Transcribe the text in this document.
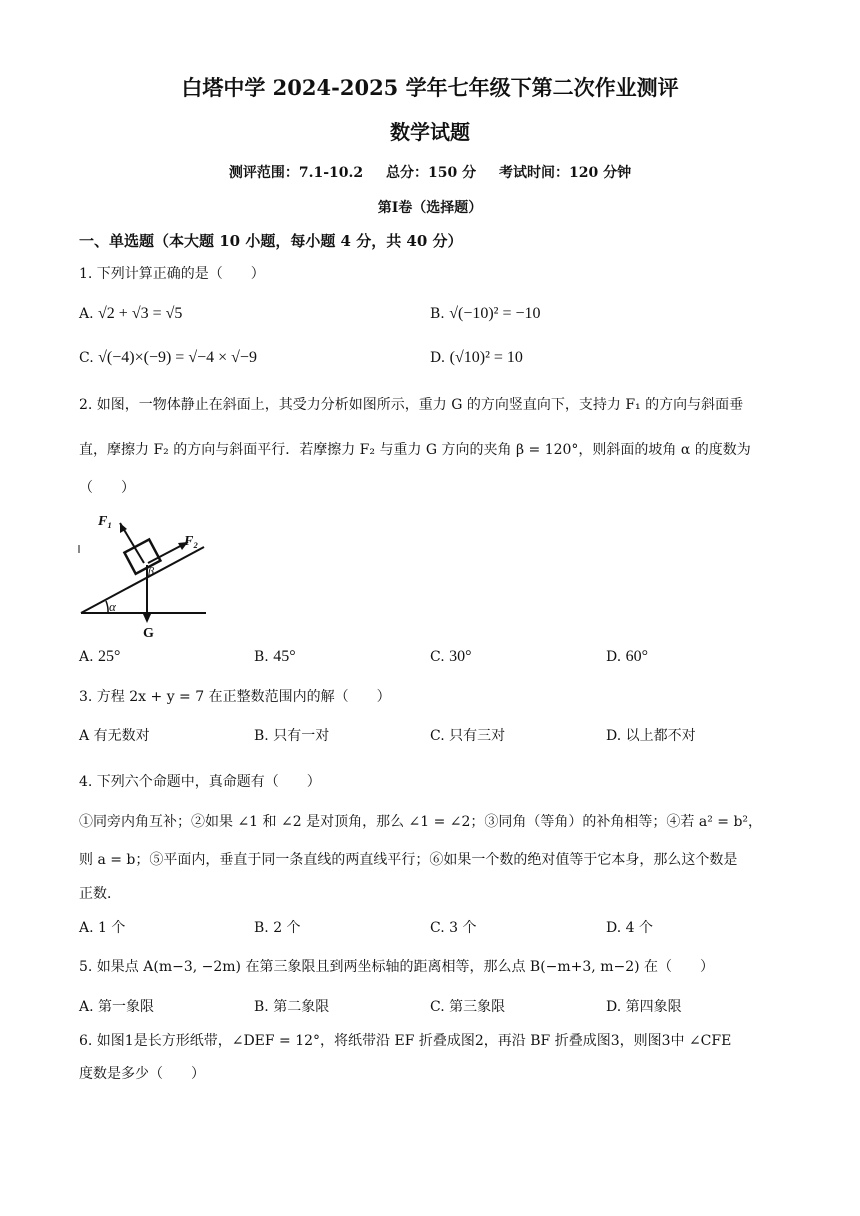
白塔中学 2024-2025 学年七年级下第二次作业测评
数学试题
测评范围：7.1-10.2 总分：150 分 考试时间：120 分钟
第Ⅰ卷（选择题）
一、单选题（本大题 10 小题，每小题 4 分，共 40 分）
1. 下列计算正确的是（　　）
A. √2 + √3 = √5	B. √(−10)² = −10
C. √(−4)×(−9) = √−4 × √−9	D. (√10)² = 10
2. 如图，一物体静止在斜面上，其受力分析如图所示，重力 G 的方向竖直向下，支持力 F₁ 的方向与斜面垂
直，摩擦力 F₂ 的方向与斜面平行．若摩擦力 F₂ 与重力 G 方向的夹角 β = 120°，则斜面的坡角 α 的度数为
（　　）
F₁
F₂
G
α
β
A. 25°	B. 45°	C. 30°	D. 60°
3. 方程 2x + y = 7 在正整数范围内的解（　　）
A 有无数对	B. 只有一对	C. 只有三对	D. 以上都不对
4. 下列六个命题中，真命题有（　　）
①同旁内角互补；②如果 ∠1 和 ∠2 是对顶角，那么 ∠1 = ∠2；③同角（等角）的补角相等；④若 a² = b²，
则 a = b；⑤平面内，垂直于同一条直线的两直线平行；⑥如果一个数的绝对值等于它本身，那么这个数是
正数．
A. 1 个	B. 2 个	C. 3 个	D. 4 个
5. 如果点 A(m−3, −2m) 在第三象限且到两坐标轴的距离相等，那么点 B(−m+3, m−2) 在（　　）
A. 第一象限	B. 第二象限	C. 第三象限	D. 第四象限
6. 如图1是长方形纸带，∠DEF = 12°，将纸带沿 EF 折叠成图2，再沿 BF 折叠成图3，则图3中 ∠CFE
度数是多少（　　）
